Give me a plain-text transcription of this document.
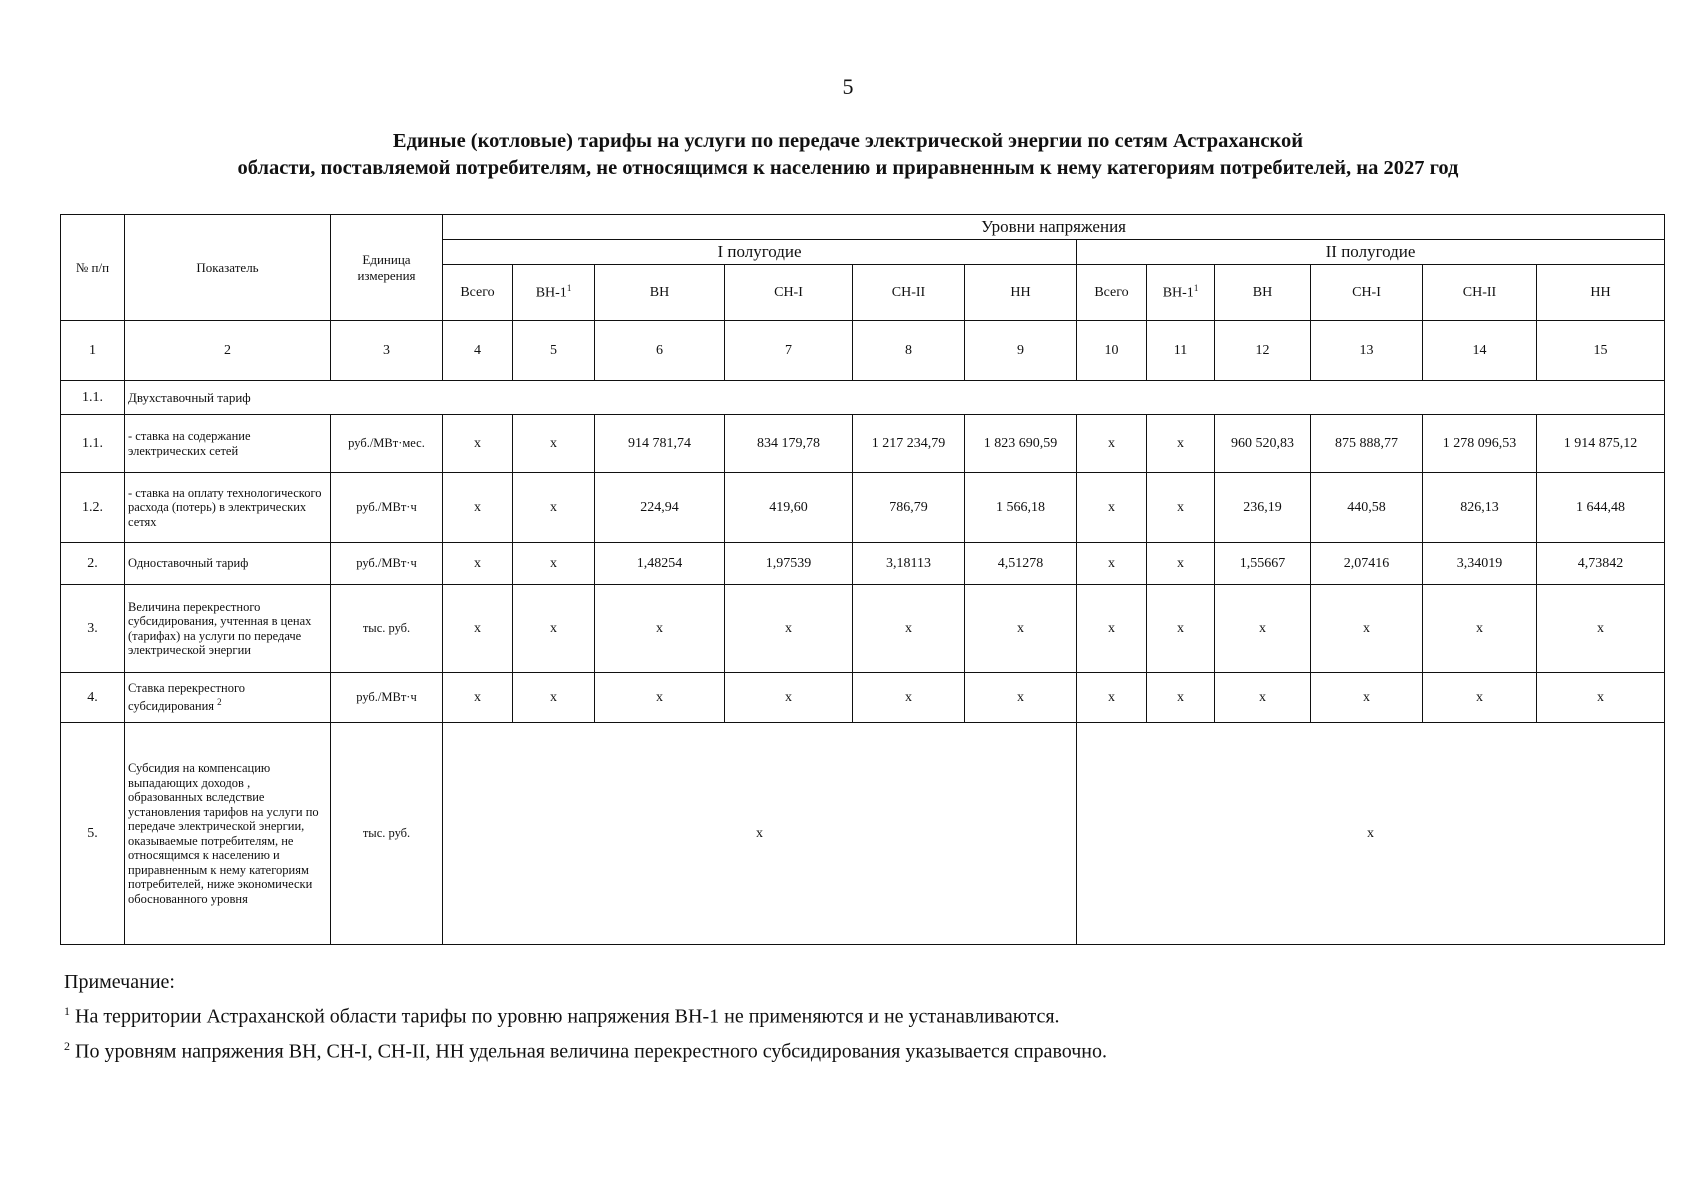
5
Единые (котловые) тарифы на услуги по передаче электрической энергии по сетям Астраханской
области, поставляемой потребителям, не относящимся к населению и приравненным к нему категориям потребителей, на 2027 год
№ п/п	Показатель	Единица измерения	Уровни напряжения											
			I полугодие						II полугодие					
			Всего	$ВН-1^1$	ВН	СН-I	СН-II	НН	Всего	$ВН-1^1$	ВН	СН-I	СН-II	НН
1	2	3	4	5	6	7	8	9	10	11	12	13	14	15
1.1.	Двухставочный тариф													
1.1.	- ставка на содержание электрических сетей	руб./МВт·мес.	х	х	914 781,74	834 179,78	1 217 234,79	1 823 690,59	х	х	960 520,83	875 888,77	1 278 096,53	1 914 875,12
1.2.	- ставка на оплату технологического расхода (потерь) в электрических сетях	руб./МВт·ч	х	х	224,94	419,60	786,79	1 566,18	х	х	236,19	440,58	826,13	1 644,48
2.	Одноставочный тариф	руб./МВт·ч	х	х	1,48254	1,97539	3,18113	4,51278	х	х	1,55667	2,07416	3,34019	4,73842
3.	Величина перекрестного субсидирования, учтенная в ценах (тарифах) на услуги по передаче электрической энергии	тыс. руб.	х	х	х	х	х	х	х	х	х	х	х	х
4.	Ставка перекрестного субсидирования $^2$	руб./МВт·ч	х	х	х	х	х	х	х	х	х	х	х	х
5.	Субсидия на компенсацию выпадающих доходов , образованных вследствие установления тарифов на услуги по передаче электрической энергии, оказываемые потребителям, не относящимся к населению и приравненным к нему категориям потребителей, ниже экономически обоснованного уровня	тыс. руб.	х						х					
Примечание:
$^1$ На территории Астраханской области тарифы по уровню напряжения ВН-1 не применяются и не устанавливаются.
$^2$ По уровням напряжения ВН, СН-I, СН-II, НН удельная величина перекрестного субсидирования указывается справочно.
